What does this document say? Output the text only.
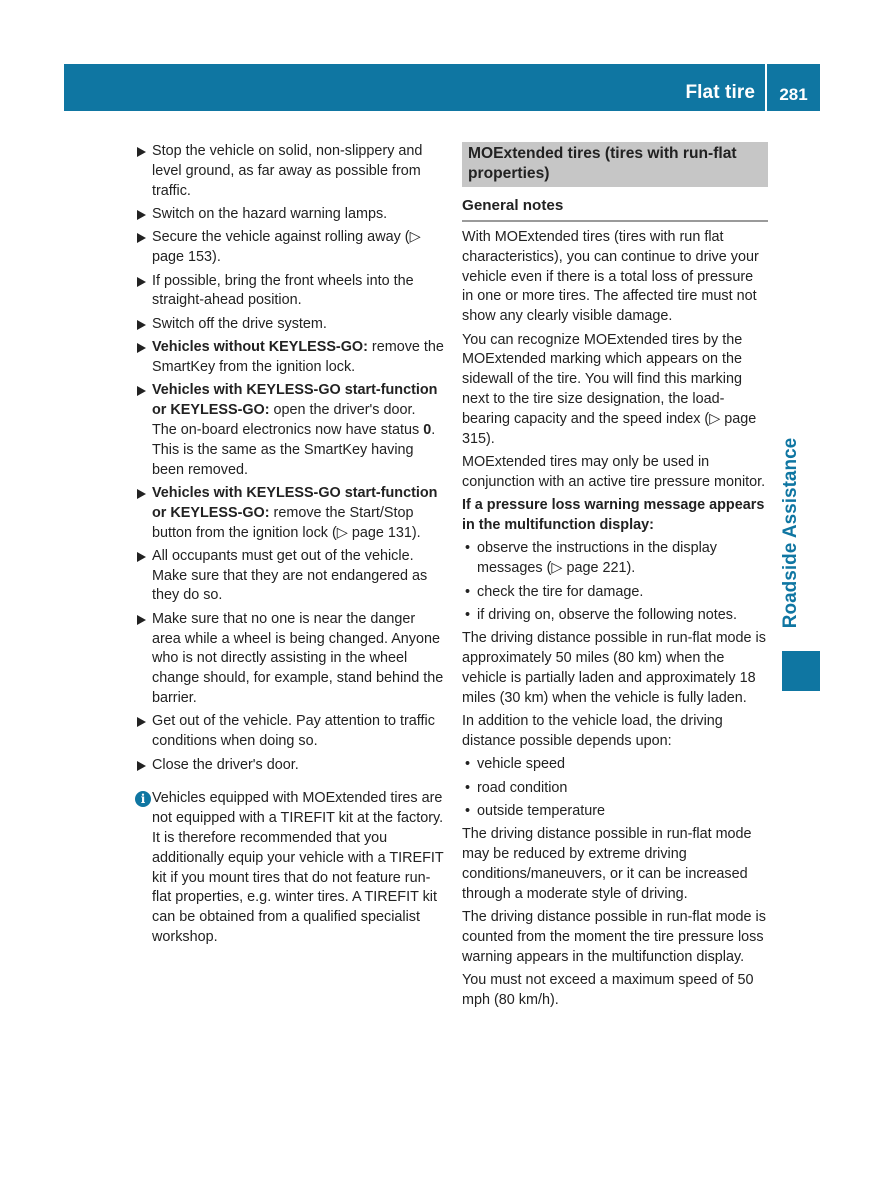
Flat tire	281
Stop the vehicle on solid, non-slippery and level ground, as far away as possible from traffic.
Switch on the hazard warning lamps.
Secure the vehicle against rolling away (▷ page 153).
If possible, bring the front wheels into the straight-ahead position.
Switch off the drive system.
Vehicles without KEYLESS-GO: remove the SmartKey from the ignition lock.
Vehicles with KEYLESS-GO start-function or KEYLESS-GO: open the driver's door.
The on-board electronics now have status 0. This is the same as the SmartKey having been removed.
Vehicles with KEYLESS-GO start-function or KEYLESS-GO: remove the Start/Stop button from the ignition lock (▷ page 131).
All occupants must get out of the vehicle. Make sure that they are not endangered as they do so.
Make sure that no one is near the danger area while a wheel is being changed. Anyone who is not directly assisting in the wheel change should, for example, stand behind the barrier.
Get out of the vehicle. Pay attention to traffic conditions when doing so.
Close the driver's door.
i Vehicles equipped with MOExtended tires are not equipped with a TIREFIT kit at the factory. It is therefore recommended that you additionally equip your vehicle with a TIREFIT kit if you mount tires that do not feature run-flat properties, e.g. winter tires. A TIREFIT kit can be obtained from a qualified specialist workshop.
MOExtended tires (tires with run-flat properties)
General notes
With MOExtended tires (tires with run flat characteristics), you can continue to drive your vehicle even if there is a total loss of pressure in one or more tires. The affected tire must not show any clearly visible damage.
You can recognize MOExtended tires by the MOExtended marking which appears on the sidewall of the tire. You will find this marking next to the tire size designation, the load-bearing capacity and the speed index (▷ page 315).
MOExtended tires may only be used in conjunction with an active tire pressure monitor.
If a pressure loss warning message appears in the multifunction display:
• observe the instructions in the display messages (▷ page 221).
• check the tire for damage.
• if driving on, observe the following notes.
The driving distance possible in run-flat mode is approximately 50 miles (80 km) when the vehicle is partially laden and approximately 18 miles (30 km) when the vehicle is fully laden.
In addition to the vehicle load, the driving distance possible depends upon:
• vehicle speed
• road condition
• outside temperature
The driving distance possible in run-flat mode may be reduced by extreme driving conditions/maneuvers, or it can be increased through a moderate style of driving.
The driving distance possible in run-flat mode is counted from the moment the tire pressure loss warning appears in the multifunction display.
You must not exceed a maximum speed of 50 mph (80 km/h).
Roadside Assistance
